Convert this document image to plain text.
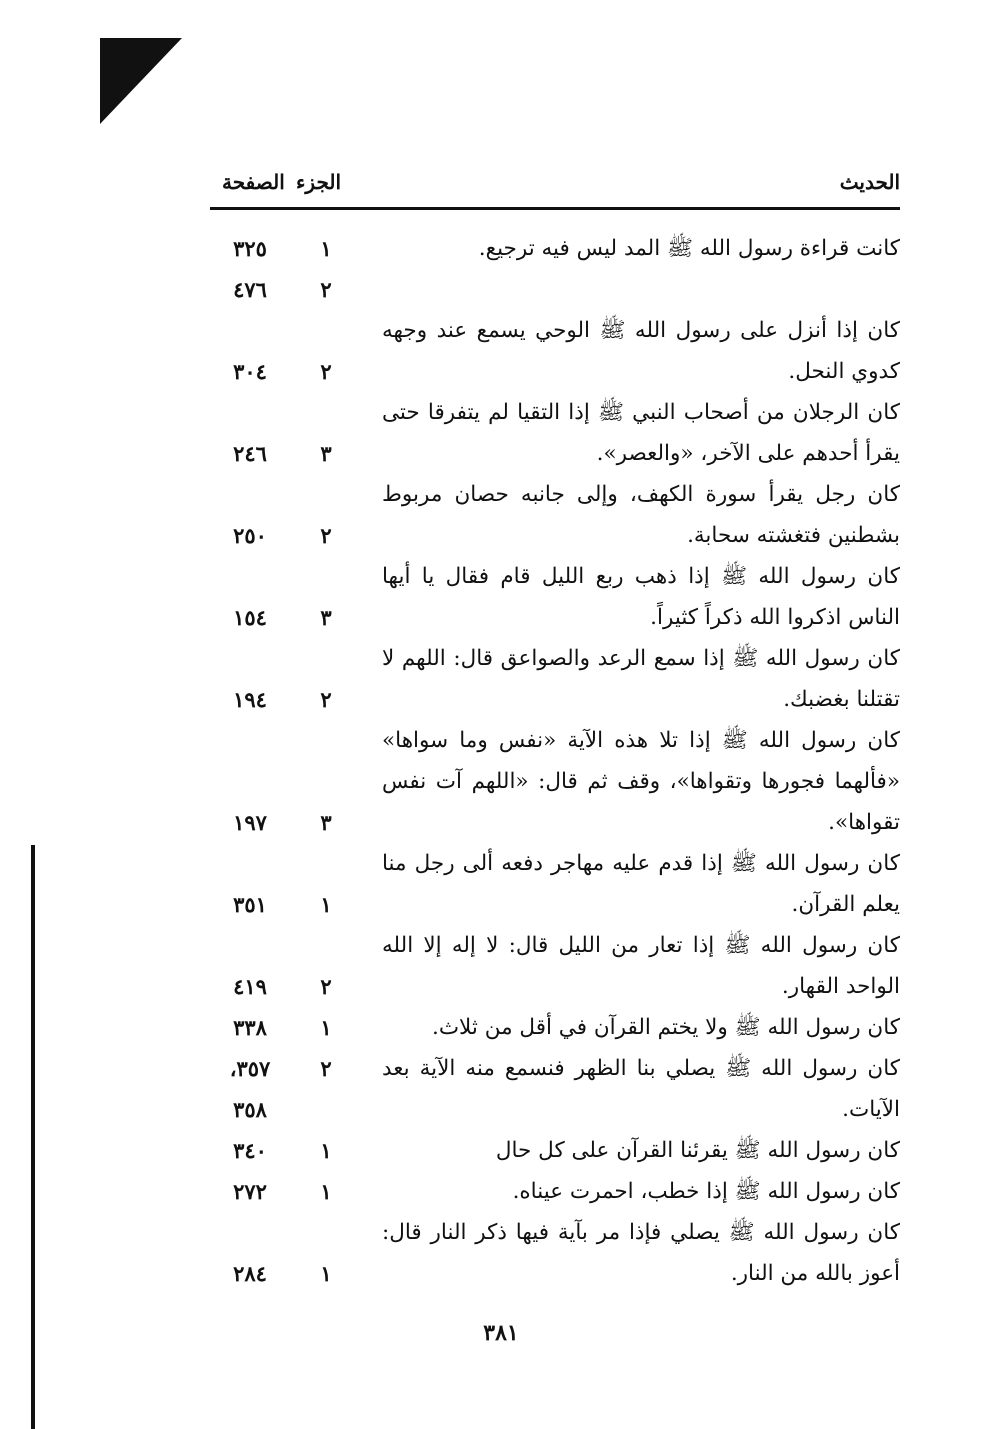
الحديث
الجزء
الصفحة
كانت قراءة رسول الله ﷺ المد ليس فيه ترجيع.
١
٣٢٥
٢
٤٧٦
كان إذا أنزل على رسول الله ﷺ الوحي يسمع عند وجهه كدوي النحل.
٢
٣٠٤
كان الرجلان من أصحاب النبي ﷺ إذا التقيا لم يتفرقا حتى يقرأ أحدهم على الآخر، «والعصر».
٣
٢٤٦
كان رجل يقرأ سورة الكهف، وإلى جانبه حصان مربوط بشطنين فتغشته سحابة.
٢
٢٥٠
كان رسول الله ﷺ إذا ذهب ربع الليل قام فقال يا أيها الناس اذكروا الله ذكراً كثيراً.
٣
١٥٤
كان رسول الله ﷺ إذا سمع الرعد والصواعق قال: اللهم لا تقتلنا بغضبك.
٢
١٩٤
كان رسول الله ﷺ إذا تلا هذه الآية «نفس وما سواها» «فألهما فجورها وتقواها»، وقف ثم قال: «اللهم آت نفس تقواها».
٣
١٩٧
كان رسول الله ﷺ إذا قدم عليه مهاجر دفعه ألى رجل منا يعلم القرآن.
١
٣٥١
كان رسول الله ﷺ إذا تعار من الليل قال: لا إله إلا الله الواحد القهار.
٢
٤١٩
كان رسول الله ﷺ ولا يختم القرآن في أقل من ثلاث.
١
٣٣٨
كان رسول الله ﷺ يصلي بنا الظهر فنسمع منه الآية بعد الآيات.
٢
٣٥٧، ٣٥٨
كان رسول الله ﷺ يقرئنا القرآن على كل حال
١
٣٤٠
كان رسول الله ﷺ إذا خطب، احمرت عيناه.
١
٢٧٢
كان رسول الله ﷺ يصلي فإذا مر بآية فيها ذكر النار قال: أعوز بالله من النار.
١
٢٨٤
٣٨١
